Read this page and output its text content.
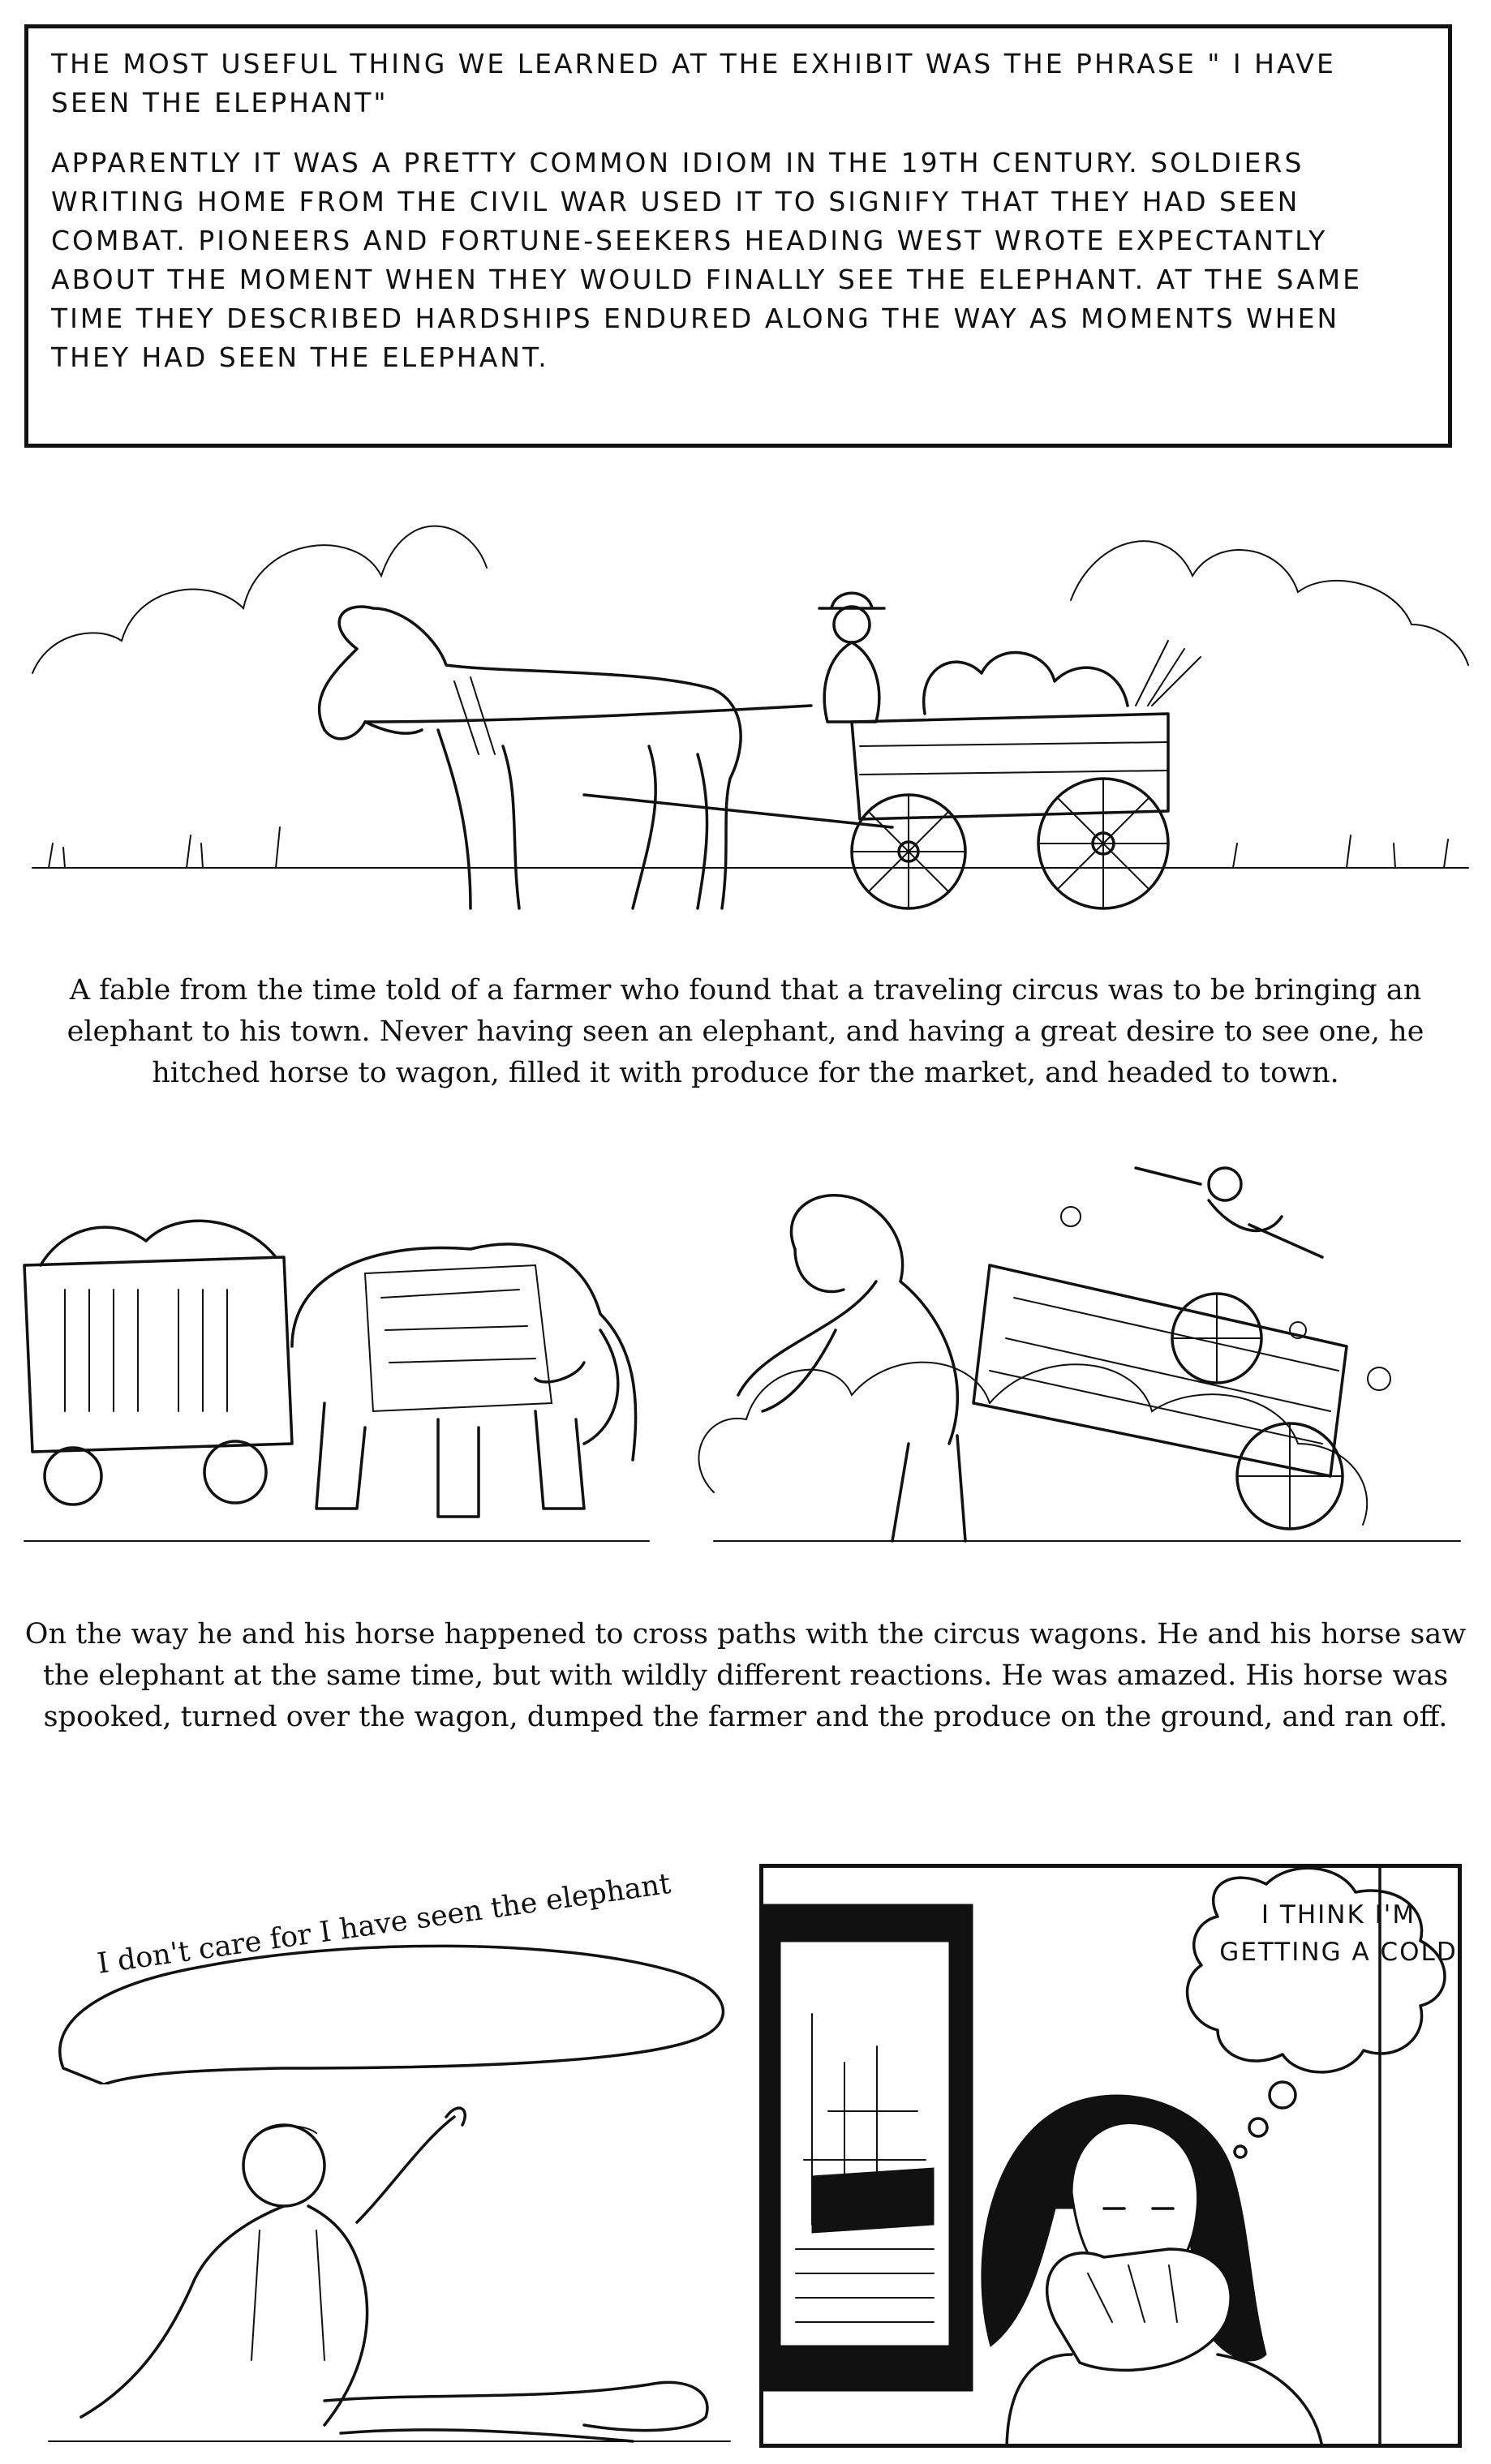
THE MOST USEFUL THING WE LEARNED AT THE EXHIBIT WAS THE PHRASE " I HAVE SEEN THE ELEPHANT"

APPARENTLY IT WAS A PRETTY COMMON IDIOM IN THE 19TH CENTURY. SOLDIERS WRITING HOME FROM THE CIVIL WAR USED IT TO SIGNIFY THAT THEY HAD SEEN COMBAT. PIONEERS AND FORTUNE-SEEKERS HEADING WEST WROTE EXPECTANTLY ABOUT THE MOMENT WHEN THEY WOULD FINALLY SEE THE ELEPHANT. AT THE SAME TIME THEY DESCRIBED HARDSHIPS ENDURED ALONG THE WAY AS MOMENTS WHEN THEY HAD SEEN THE ELEPHANT.

A fable from the time told of a farmer who found that a traveling circus was to be bringing an elephant to his town. Never having seen an elephant, and having a great desire to see one, he hitched horse to wagon, filled it with produce for the market, and headed to town.

On the way he and his horse happened to cross paths with the circus wagons. He and his horse saw the elephant at the same time, but with wildly different reactions. He was amazed. His horse was spooked, turned over the wagon, dumped the farmer and the produce on the ground, and ran off.

I don't care for I have seen the elephant	I THINK I'M GETTING A COLD
